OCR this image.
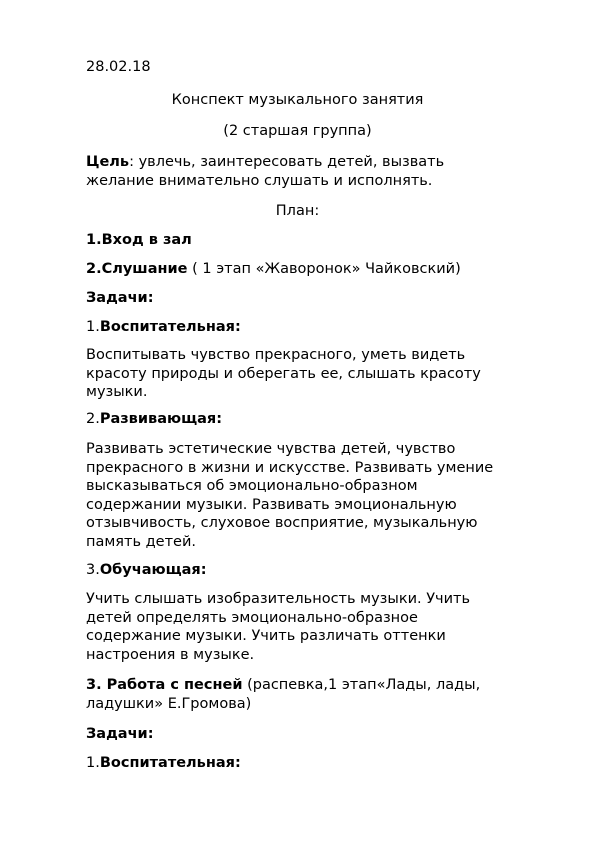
28.02.18
Конспект музыкального занятия
(2 старшая группа)
Цель: увлечь, заинтересовать детей, вызвать
желание внимательно слушать и исполнять.
План:
1.Вход в зал
2.Слушание ( 1 этап «Жаворонок» Чайковский)
Задачи:
1.Воспитательная:
Воспитывать чувство прекрасного, уметь видеть
красоту природы и оберегать ее, слышать красоту
музыки.
2.Развивающая:
Развивать эстетические чувства детей, чувство
прекрасного в жизни и искусстве. Развивать умение
высказываться об эмоционально-образном
содержании музыки. Развивать эмоциональную
отзывчивость, слуховое восприятие, музыкальную
память детей.
3.Обучающая:
Учить слышать изобразительность музыки. Учить
детей определять эмоционально-образное
содержание музыки. Учить различать оттенки
настроения в музыке.
3. Работа с песней (распевка,1 этап«Лады, лады,
ладушки» Е.Громова)
Задачи:
1.Воспитательная:
